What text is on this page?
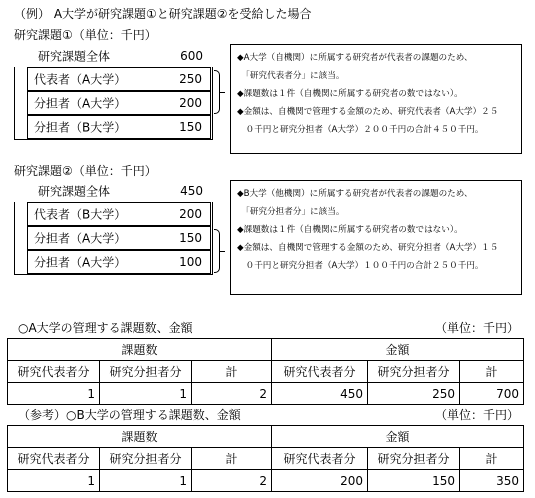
（例） A大学が研究課題①と研究課題②を受給した場合
研究課題①（単位：千円）
研究課題全体	600
代表者（A大学）	250
分担者（A大学）	200
分担者（B大学）	150
◆A大学（自機関）に所属する研究者が代表者の課題のため、
　「研究代表者分」に該当。
◆課題数は１件（自機関に所属する研究者の数ではない）。
◆金額は、自機関で管理する金額のため、研究代表者（A大学）２５
　０千円と研究分担者（A大学）２００千円の合計４５０千円。
研究課題②（単位：千円）
研究課題全体	450
代表者（B大学）	200
分担者（A大学）	150
分担者（A大学）	100
◆B大学（他機関）に所属する研究者が代表者の課題のため、
　「研究分担者分」に該当。
◆課題数は１件（自機関に所属する研究者の数ではない）。
◆金額は、自機関で管理する金額のため、研究分担者（A大学）１５
　０千円と研究分担者（A大学）１００千円の合計２５０千円。
○A大学の管理する課題数、金額	（単位：千円）
課題数			金額		
研究代表者分	研究分担者分	計	研究代表者分	研究分担者分	計
1	1	2	450	250	700
（参考）○B大学の管理する課題数、金額	（単位：千円）
課題数			金額		
研究代表者分	研究分担者分	計	研究代表者分	研究分担者分	計
1	1	2	200	150	350
